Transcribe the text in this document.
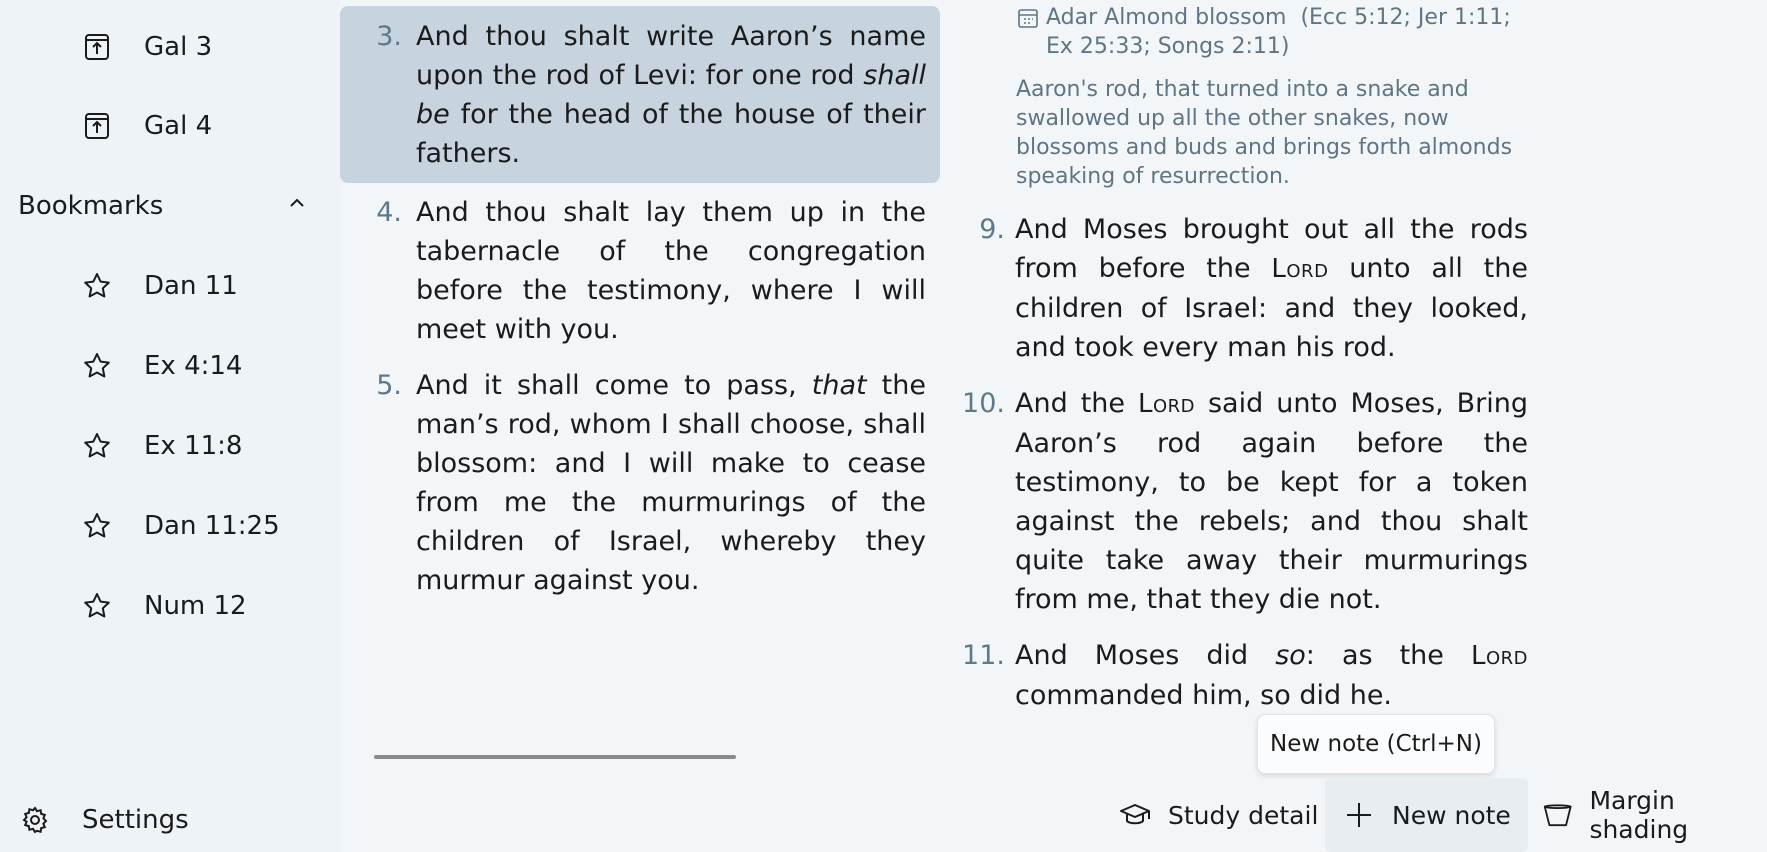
Gal 3
Gal 4
Bookmarks
Dan 11
Ex 4:14
Ex 11:8
Dan 11:25
Num 12
Settings
3. And thou shalt write Aaron’s name upon the rod of Levi: for one rod shall be for the head of the house of their fathers.
4. And thou shalt lay them up in the tabernacle of the congregation before the testimony, where I will meet with you.
5. And it shall come to pass, that the man’s rod, whom I shall choose, shall blossom: and I will make to cease from me the murmurings of the children of Israel, whereby they murmur against you.
Adar Almond blossom (Ecc 5:12; Jer 1:11; Ex 25:33; Songs 2:11)
Aaron's rod, that turned into a snake and swallowed up all the other snakes, now blossoms and buds and brings forth almonds speaking of resurrection.
9. And Moses brought out all the rods from before the Lord unto all the children of Israel: and they looked, and took every man his rod.
10. And the Lord said unto Moses, Bring Aaron’s rod again before the testimony, to be kept for a token against the rebels; and thou shalt quite take away their murmurings from me, that they die not.
11. And Moses did so: as the Lord commanded him, so did he.
New note (Ctrl+N)
Study detail	New note	Margin shading
